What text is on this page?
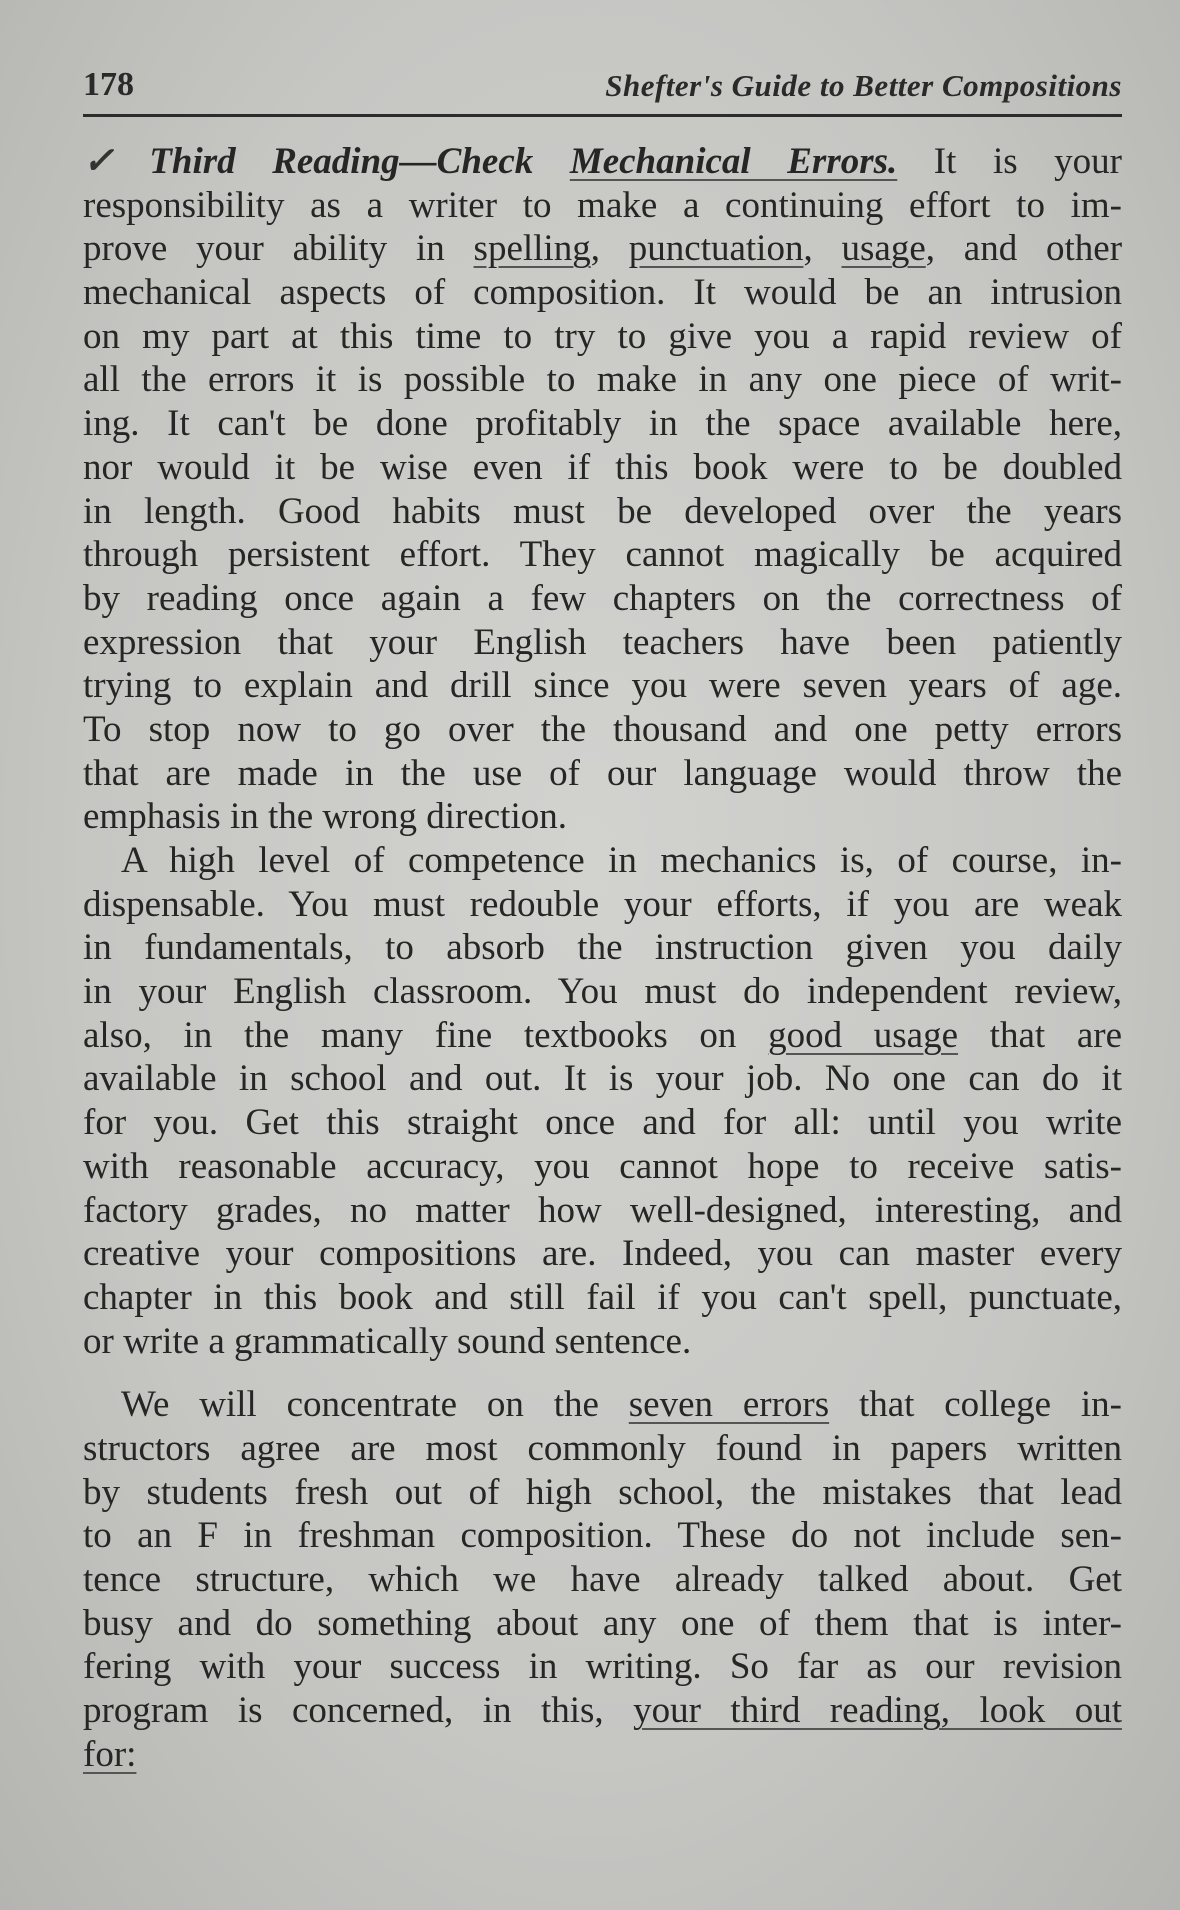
178	Shefter's Guide to Better Compositions
✓ Third Reading—Check Mechanical Errors. It is your
responsibility as a writer to make a continuing effort to im-
prove your ability in spelling, punctuation, usage, and other
mechanical aspects of composition. It would be an intrusion
on my part at this time to try to give you a rapid review of
all the errors it is possible to make in any one piece of writ-
ing. It can't be done profitably in the space available here,
nor would it be wise even if this book were to be doubled
in length. Good habits must be developed over the years
through persistent effort. They cannot magically be acquired
by reading once again a few chapters on the correctness of
expression that your English teachers have been patiently
trying to explain and drill since you were seven years of age.
To stop now to go over the thousand and one petty errors
that are made in the use of our language would throw the
emphasis in the wrong direction.
A high level of competence in mechanics is, of course, in-
dispensable. You must redouble your efforts, if you are weak
in fundamentals, to absorb the instruction given you daily
in your English classroom. You must do independent review,
also, in the many fine textbooks on good usage that are
available in school and out. It is your job. No one can do it
for you. Get this straight once and for all: until you write
with reasonable accuracy, you cannot hope to receive satis-
factory grades, no matter how well-designed, interesting, and
creative your compositions are. Indeed, you can master every
chapter in this book and still fail if you can't spell, punctuate,
or write a grammatically sound sentence.
We will concentrate on the seven errors that college in-
structors agree are most commonly found in papers written
by students fresh out of high school, the mistakes that lead
to an F in freshman composition. These do not include sen-
tence structure, which we have already talked about. Get
busy and do something about any one of them that is inter-
fering with your success in writing. So far as our revision
program is concerned, in this, your third reading, look out
for:
